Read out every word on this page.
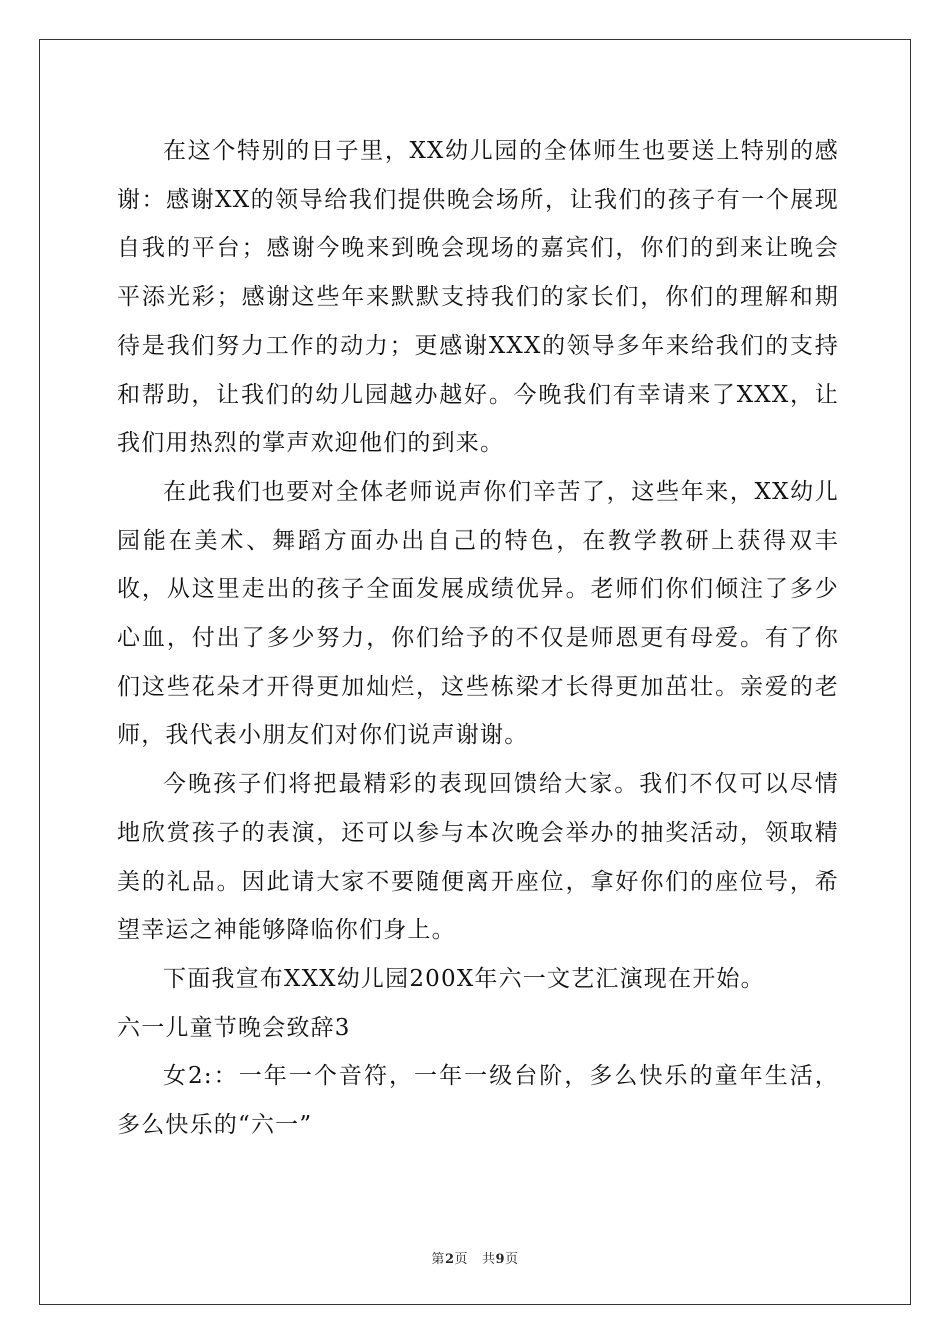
在这个特别的日子里，XX幼儿园的全体师生也要送上特别的感谢：感谢XX的领导给我们提供晚会场所，让我们的孩子有一个展现自我的平台；感谢今晚来到晚会现场的嘉宾们，你们的到来让晚会平添光彩；感谢这些年来默默支持我们的家长们，你们的理解和期待是我们努力工作的动力；更感谢XXX的领导多年来给我们的支持和帮助，让我们的幼儿园越办越好。今晚我们有幸请来了XXX，让我们用热烈的掌声欢迎他们的到来。

在此我们也要对全体老师说声你们辛苦了，这些年来，XX幼儿园能在美术、舞蹈方面办出自己的特色，在教学教研上获得双丰收，从这里走出的孩子全面发展成绩优异。老师们你们倾注了多少心血，付出了多少努力，你们给予的不仅是师恩更有母爱。有了你们这些花朵才开得更加灿烂，这些栋梁才长得更加茁壮。亲爱的老师，我代表小朋友们对你们说声谢谢。

今晚孩子们将把最精彩的表现回馈给大家。我们不仅可以尽情地欣赏孩子的表演，还可以参与本次晚会举办的抽奖活动，领取精美的礼品。因此请大家不要随便离开座位，拿好你们的座位号，希望幸运之神能够降临你们身上。

下面我宣布XXX幼儿园200X年六一文艺汇演现在开始。

六一儿童节晚会致辞3

女2:：一年一个音符，一年一级台阶，多么快乐的童年生活，多么快乐的“六一”

第2页 共9页
